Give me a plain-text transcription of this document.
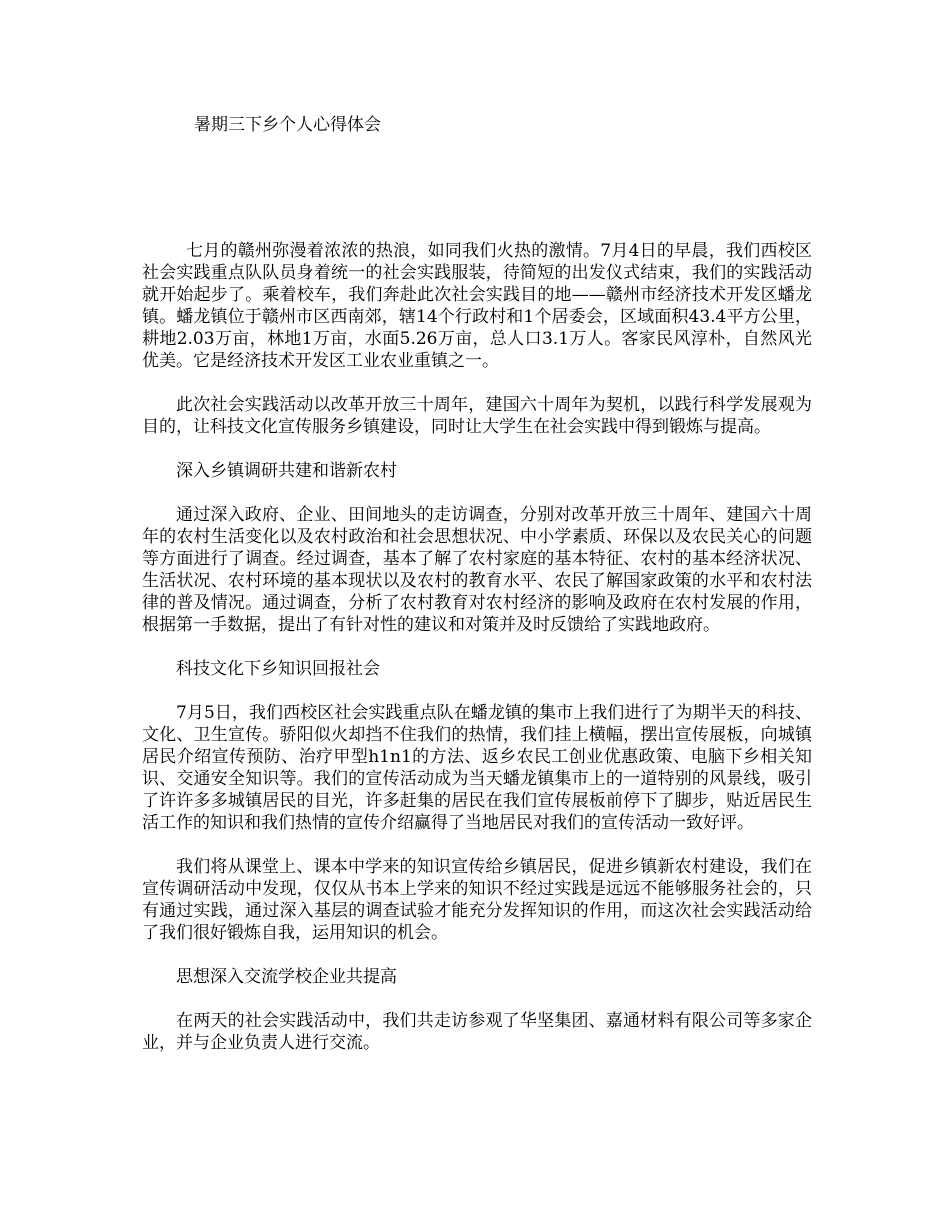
暑期三下乡个人心得体会

七月的赣州弥漫着浓浓的热浪，如同我们火热的激情。7月4日的早晨，我们西校区社会实践重点队队员身着统一的社会实践服装，待简短的出发仪式结束，我们的实践活动就开始起步了。乘着校车，我们奔赴此次社会实践目的地——赣州市经济技术开发区蟠龙镇。蟠龙镇位于赣州市区西南郊，辖14个行政村和1个居委会，区域面积43.4平方公里，耕地2.03万亩，林地1万亩，水面5.26万亩，总人口3.1万人。客家民风淳朴，自然风光优美。它是经济技术开发区工业农业重镇之一。

此次社会实践活动以改革开放三十周年，建国六十周年为契机，以践行科学发展观为目的，让科技文化宣传服务乡镇建设，同时让大学生在社会实践中得到锻炼与提高。

深入乡镇调研共建和谐新农村

通过深入政府、企业、田间地头的走访调查，分别对改革开放三十周年、建国六十周年的农村生活变化以及农村政治和社会思想状况、中小学素质、环保以及农民关心的问题等方面进行了调查。经过调查，基本了解了农村家庭的基本特征、农村的基本经济状况、生活状况、农村环境的基本现状以及农村的教育水平、农民了解国家政策的水平和农村法律的普及情况。通过调查，分析了农村教育对农村经济的影响及政府在农村发展的作用，根据第一手数据，提出了有针对性的建议和对策并及时反馈给了实践地政府。

科技文化下乡知识回报社会

7月5日，我们西校区社会实践重点队在蟠龙镇的集市上我们进行了为期半天的科技、文化、卫生宣传。骄阳似火却挡不住我们的热情，我们挂上横幅，摆出宣传展板，向城镇居民介绍宣传预防、治疗甲型h1n1的方法、返乡农民工创业优惠政策、电脑下乡相关知识、交通安全知识等。我们的宣传活动成为当天蟠龙镇集市上的一道特别的风景线，吸引了许许多多城镇居民的目光，许多赶集的居民在我们宣传展板前停下了脚步，贴近居民生活工作的知识和我们热情的宣传介绍赢得了当地居民对我们的宣传活动一致好评。

我们将从课堂上、课本中学来的知识宣传给乡镇居民，促进乡镇新农村建设，我们在宣传调研活动中发现，仅仅从书本上学来的知识不经过实践是远远不能够服务社会的，只有通过实践，通过深入基层的调查试验才能充分发挥知识的作用，而这次社会实践活动给了我们很好锻炼自我，运用知识的机会。

思想深入交流学校企业共提高

在两天的社会实践活动中，我们共走访参观了华坚集团、嘉通材料有限公司等多家企业，并与企业负责人进行交流。
